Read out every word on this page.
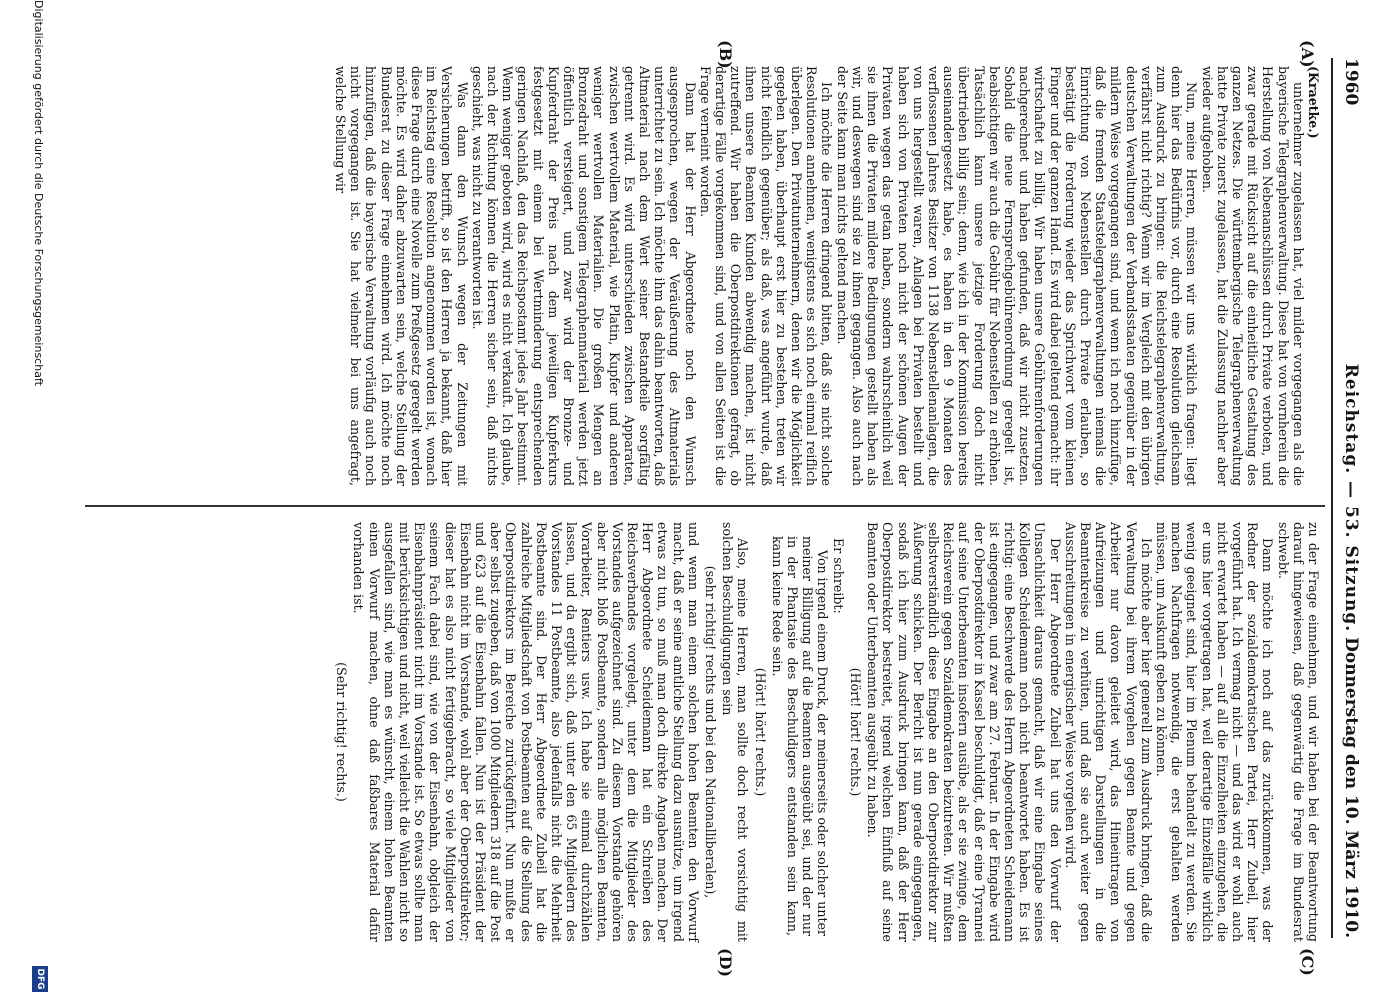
1960
Reichstag. — 53. Sitzung.
Donnerstag den 10. März 1910.
(A)
(B)
(C)
(D)

(Kraetke.)

unternehmer zugelassen hat, viel milder vorgegangen als die bayerische Telegraphenverwaltung. Diese hat von vornherein die Herstellung von Nebenanschlüssen durch Private verboten, und zwar gerade mit Rücksicht auf die einheitliche Gestaltung des ganzen Netzes. Die württembergische Telegraphenverwaltung hatte Private zuerst zugelassen, hat die Zulassung nachher aber wieder aufgehoben.

Nun, meine Herren, müssen wir uns wirklich fragen: liegt denn hier das Bedürfnis vor, durch eine Resolution gleichsam zum Ausdruck zu bringen: die Reichstelegraphenverwaltung, verfährst nicht richtig? Wenn wir im Vergleich mit den übrigen deutschen Verwaltungen der Verbandsstaaten gegenüber in der mildern Weise vorgegangen sind, und wenn ich noch hinzufüge, daß die fremden Staatstelegraphenverwaltungen niemals die Einrichtung von Nebenstellen durch Private erlauben, so bestätigt die Forderung wieder das Sprichwort vom kleinen Finger und der ganzen Hand. Es wird dabei geltend gemacht: ihr wirtschaftet zu billig. Wir haben unsere Gebührenforderungen nachgerechnet und haben gefunden, daß wir nicht zusetzen. Sobald die neue Fernsprechgebührenordnung geregelt ist, beabsichtigen wir auch die Gebühr für Nebenstellen zu erhöhen. Tatsächlich kann unsere jetzige Forderung doch nicht übertrieben billig sein; denn, wie ich in der Kommission bereits auseinandergesetzt habe, es haben in den 9 Monaten des verflossenen Jahres Besitzer von 1138 Nebenstellenanlagen, die von uns hergestellt waren, Anlagen bei Privaten bestellt und haben sich von Privaten noch nicht der schönen Augen der Privaten wegen das getan haben, sondern wahrscheinlich weil sie ihnen die Privaten mildere Bedingungen gestellt haben als wir, und deswegen sind sie zu ihnen gegangen. Also auch nach der Seite kann man nichts geltend machen.

Ich möchte die Herren dringend bitten, daß sie nicht solche Resolutionen annehmen, wenigstens es sich noch einmal reiflich überlegen. Den Privatunternehmern, denen wir die Möglichkeit gegeben haben, überhaupt erst hier zu bestehen, treten wir nicht feindlich gegenüber; als daß, was angeführt wurde, daß ihnen unsere Beamten Kunden abwendig machen, ist nicht zutreffend. Wir haben die Oberpostdirektionen gefragt, ob derartige Fälle vorgekommen sind, und von allen Seiten ist die Frage verneint worden.

Dann hat der Herr Abgeordnete noch den Wunsch ausgesprochen, wegen der Veräußerung des Altmaterials unterrichtet zu sein. Ich möchte ihm das dahin beantworten, daß Altmaterial nach dem Wert seiner Bestandteile sorgfältig getrennt wird. Es wird unterschieden zwischen Apparaten, zwischen wertvollem Material, wie Platin, Kupfer und anderen weniger wertvollen Materialien. Die großen Mengen an Bronzedraht und sonstigem Telegraphenmaterial werden jetzt öffentlich versteigert, und zwar wird der Bronze- und Kupferdraht der Preis nach dem jeweiligen Kupferkurs festgesetzt mit einem bei Wertminderung entsprechenden geringen Nachlaß, den das Reichspostamt jedes Jahr bestimmt. Wenn weniger geboten wird, wird es nicht verkauft. Ich glaube, nach der Richtung können die Herren sicher sein, daß nichts geschieht, was nicht zu verantworten ist.

Was dann den Wunsch wegen der Zeitungen mit Versicherungen betrifft, so ist den Herren ja bekannt, daß hier im Reichstag eine Resolution angenommen worden ist, wonach diese Frage durch eine Novelle zum Preßgesetz geregelt werden möchte. Es wird daher abzuwarten sein, welche Stellung der Bundesrat zu dieser Frage einnehmen wird. Ich möchte noch hinzufügen, daß die bayerische Verwaltung vorläufig auch noch nicht vorgegangen ist. Sie hat vielmehr bei uns angefragt, welche Stellung wir

zu der Frage einnehmen, und wir haben bei der Beantwortung darauf hingewiesen, daß gegenwärtig die Frage im Bundesrat schwebt.

Dann möchte ich noch auf das zurückkommen, was der Redner der sozialdemokratischen Partei, Herr Zubeil, hier vorgeführt hat. Ich vermag nicht — und das wird er wohl auch nicht erwartet haben — auf all die Einzelheiten einzugehen, die er uns hier vorgetragen hat, weil derartige Einzelfälle wirklich wenig geeignet sind, hier im Plenum behandelt zu werden. Sie machen Nachfragen notwendig, die erst gehalten werden müssen, um Auskunft geben zu können.

Ich möchte aber hier generell zum Ausdruck bringen, daß die Verwaltung bei ihrem Vorgehen gegen Beamte und gegen Arbeiter nur davon geleitet wird, das Hineintragen von Aufreizungen und unrichtigen Darstellungen in die Beamtenkreise zu verhüten, und daß sie auch weiter gegen Ausschreitungen in energischer Weise vorgehen wird.

Der Herr Abgeordnete Zubeil hat uns den Vorwurf der Unsachlichkeit daraus gemacht, daß wir eine Eingabe seines Kollegen Scheidemann noch nicht beantwortet haben. Es ist richtig: eine Beschwerde des Herrn Abgeordneten Scheidemann ist eingegangen, und zwar am 27. Februar. In der Eingabe wird der Oberpostdirektor in Kassel beschuldigt, daß er eine Tyrannei auf seine Unterbeamten insofern ausübe, als er sie zwinge, dem Reichsverein gegen Sozialdemokraten beizutreten. Wir mußten selbstverständlich diese Eingabe an den Oberpostdirektor zur Äußerung schicken. Der Bericht ist nun gerade eingegangen, sodaß ich hier zum Ausdruck bringen kann, daß der Herr Oberpostdirektor bestreitet, irgend welchen Einfluß auf seine Beamten oder Unterbeamten ausgeübt zu haben.

(Hört! hört! rechts.)

Er schreibt:

Von irgend einem Druck, der meinerseits oder solcher unter meiner Billigung auf die Beamten ausgeübt sei, und der nur in der Phantasie des Beschuldigers entstanden sein kann, kann keine Rede sein.

(Hört! hört! rechts.)

Also, meine Herren, man sollte doch recht vorsichtig mit solchen Beschuldigungen sein

(sehr richtig! rechts und bei den Nationalliberalen),

und wenn man einem solchen hohen Beamten den Vorwurf macht, daß er seine amtliche Stellung dazu ausnütze, um irgend etwas zu tun, so muß man doch direkte Angaben machen. Der Herr Abgeordnete Scheidemann hat ein Schreiben des Reichsverbandes vorgelegt, unter dem die Mitglieder des Vorstandes aufgezeichnet sind. Zu diesem Vorstande gehören aber nicht bloß Postbeamte, sondern alle möglichen Beamten, Vorarbeiter, Rentiers usw. Ich habe sie einmal durchzählen lassen, und da ergibt sich, daß unter den 65 Mitgliedern des Vorstandes 11 Postbeamte, also jedenfalls nicht die Mehrheit Postbeamte sind. Der Herr Abgeordnete Zubeil hat die zahlreiche Mitgliedschaft von Postbeamten auf die Stellung des Oberpostdirektors im Bereiche zurückgeführt. Nun mußte er aber selbst zugeben, daß von 1000 Mitgliedern 318 auf die Post und 623 auf die Eisenbahn fallen. Nun ist der Präsident der Eisenbahn nicht im Vorstande, wohl aber der Oberpostdirektor; dieser hat es also nicht fertiggebracht, so viele Mitglieder von seinem Fach dabei sind, wie von der Eisenbahn, obgleich der Eisenbahnpräsident nicht im Vorstande ist. So etwas sollte man mit berücksichtigen und nicht, weil vielleicht die Wahlen nicht so ausgefallen sind, wie man es wünscht, einem hohen Beamten einen Vorwurf machen, ohne daß faßbares Material dafür vorhanden ist.

(Sehr richtig! rechts.)

Digitalisierung gefördert durch die Deutsche Forschungsgemeinschaft
DFG
